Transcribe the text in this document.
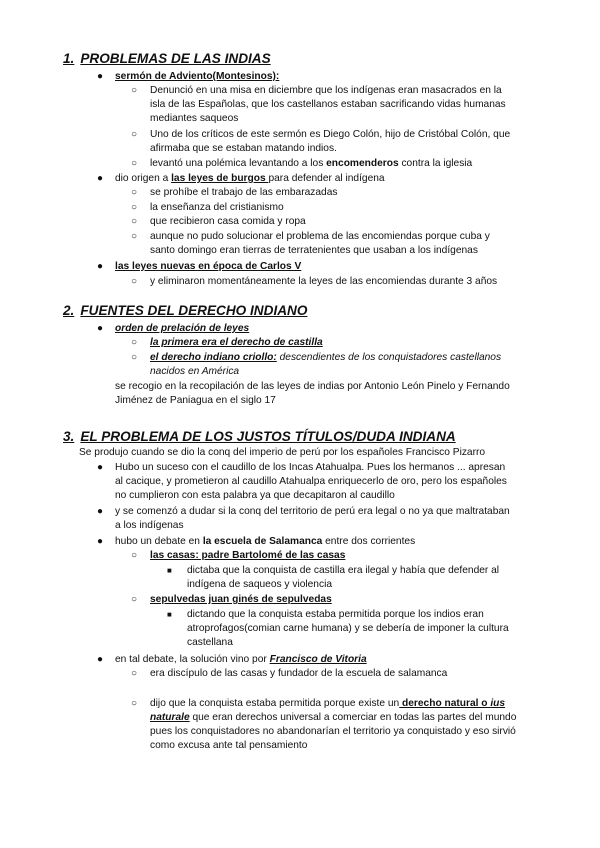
1. PROBLEMAS DE LAS INDIAS
●
sermón de Adviento(Montesinos):
○
Denunció en una misa en diciembre que los indígenas eran masacrados en la
isla de las Españolas, que los castellanos estaban sacrificando vidas humanas
mediantes saqueos
○
Uno de los críticos de este sermón es Diego Colón, hijo de Cristóbal Colón, que
afirmaba que se estaban matando indios.
○
levantó una polémica levantando a los encomenderos contra la iglesia
●
dio origen a las leyes de burgos para defender al indígena
○
se prohíbe el trabajo de las embarazadas
○
la enseñanza del cristianismo
○
que recibieron casa comida y ropa
○
aunque no pudo solucionar el problema de las encomiendas porque cuba y
santo domingo eran tierras de terratenientes que usaban a los indígenas
●
las leyes nuevas en época de Carlos V
○
y eliminaron momentáneamente la leyes de las encomiendas durante 3 años
2. FUENTES DEL DERECHO INDIANO
●
orden de prelación de leyes
○
la primera era el derecho de castilla
○
el derecho indiano criollo: descendientes de los conquistadores castellanos
nacidos en América
se recogio en la recopilación de las leyes de indias por Antonio León Pinelo y Fernando
Jiménez de Paniagua en el siglo 17
3. EL PROBLEMA DE LOS JUSTOS TÍTULOS/DUDA INDIANA
Se produjo cuando se dio la conq del imperio de perú por los españoles Francisco Pizarro
●
Hubo un suceso con el caudillo de los Incas Atahualpa. Pues los hermanos ... apresan
al cacique, y prometieron al caudillo Atahualpa enriquecerlo de oro, pero los españoles
no cumplieron con esta palabra ya que decapitaron al caudillo
●
y se comenzó a dudar si la conq del territorio de perú era legal o no ya que maltrataban
a los indígenas
●
hubo un debate en la escuela de Salamanca entre dos corrientes
○
las casas: padre Bartolomé de las casas
■
dictaba que la conquista de castilla era ilegal y había que defender al
indígena de saqueos y violencia
○
sepulvedas juan ginés de sepulvedas
■
dictando que la conquista estaba permitida porque los indios eran
atroprofagos(comian carne humana) y se debería de imponer la cultura
castellana
●
en tal debate, la solución vino por Francisco de Vitoria
○
era discípulo de las casas y fundador de la escuela de salamanca
○
dijo que la conquista estaba permitida porque existe un derecho natural o ius
naturale que eran derechos universal a comerciar en todas las partes del mundo
pues los conquistadores no abandonarían el territorio ya conquistado y eso sirvió
como excusa ante tal pensamiento
